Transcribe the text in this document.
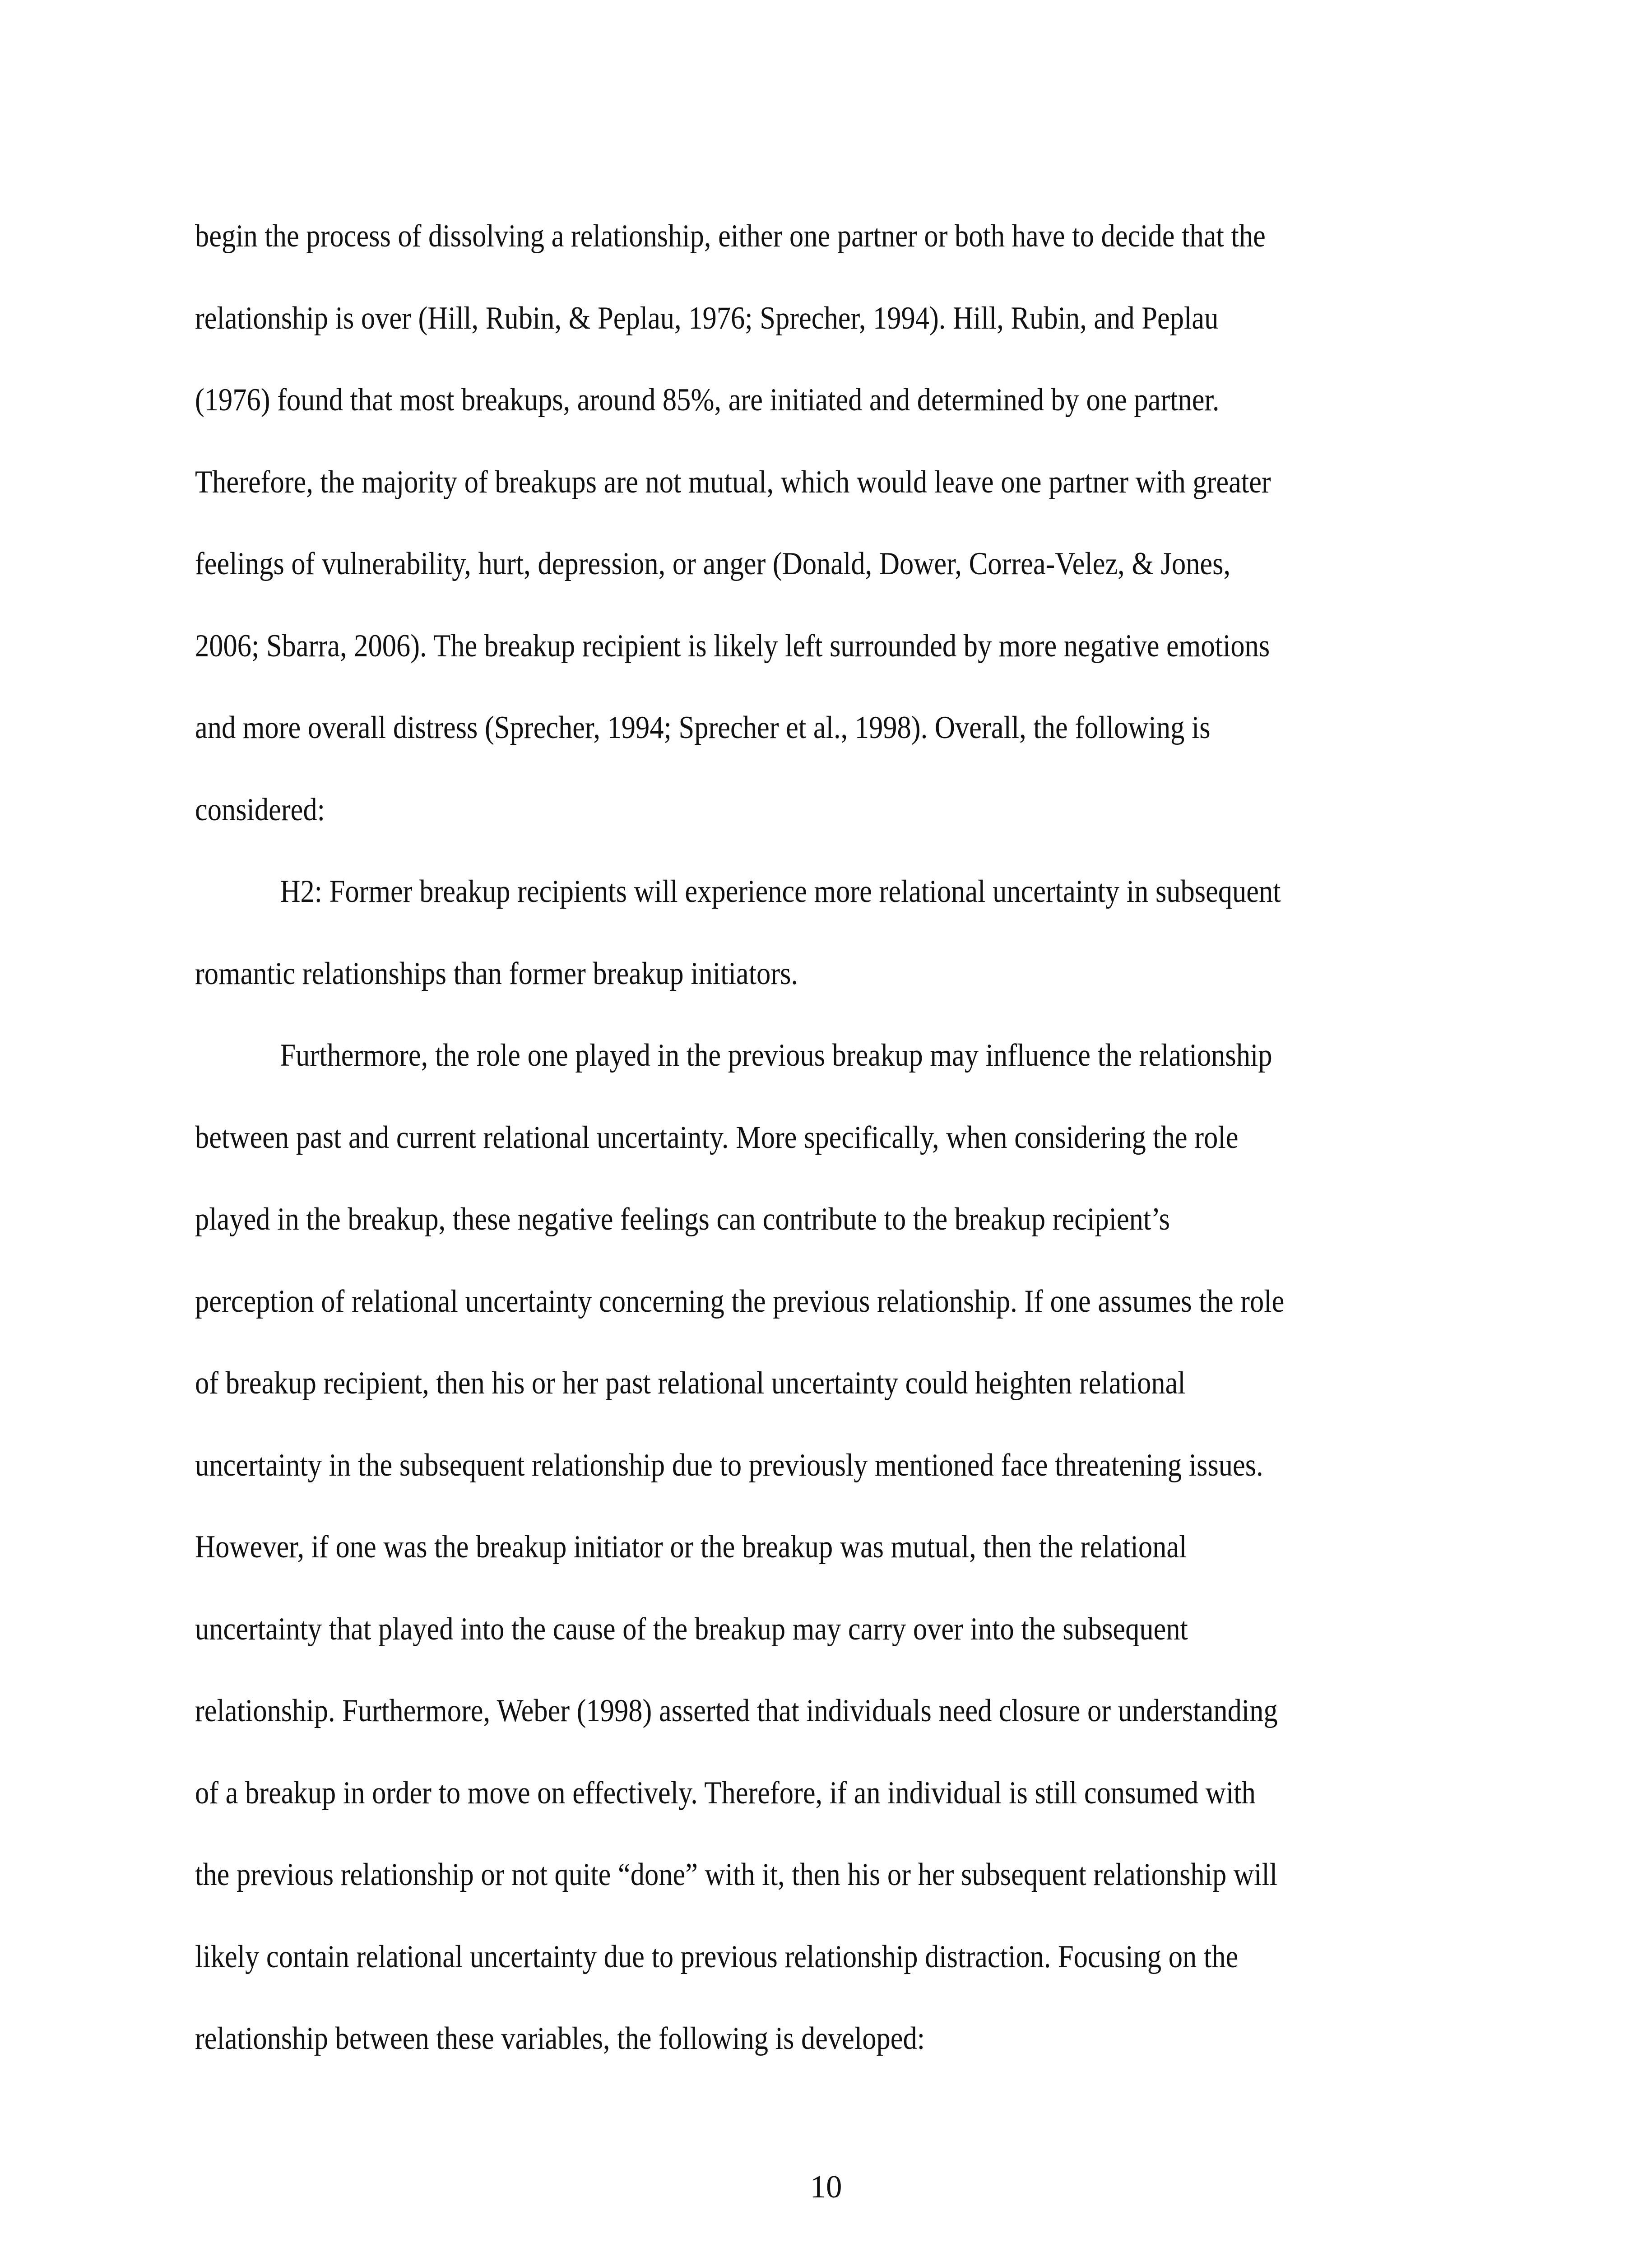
begin the process of dissolving a relationship, either one partner or both have to decide that the
relationship is over (Hill, Rubin, & Peplau, 1976; Sprecher, 1994). Hill, Rubin, and Peplau
(1976) found that most breakups, around 85%, are initiated and determined by one partner.
Therefore, the majority of breakups are not mutual, which would leave one partner with greater
feelings of vulnerability, hurt, depression, or anger (Donald, Dower, Correa-Velez, & Jones,
2006; Sbarra, 2006). The breakup recipient is likely left surrounded by more negative emotions
and more overall distress (Sprecher, 1994; Sprecher et al., 1998). Overall, the following is
considered:
H2: Former breakup recipients will experience more relational uncertainty in subsequent
romantic relationships than former breakup initiators.
Furthermore, the role one played in the previous breakup may influence the relationship
between past and current relational uncertainty. More specifically, when considering the role
played in the breakup, these negative feelings can contribute to the breakup recipient’s
perception of relational uncertainty concerning the previous relationship. If one assumes the role
of breakup recipient, then his or her past relational uncertainty could heighten relational
uncertainty in the subsequent relationship due to previously mentioned face threatening issues.
However, if one was the breakup initiator or the breakup was mutual, then the relational
uncertainty that played into the cause of the breakup may carry over into the subsequent
relationship. Furthermore, Weber (1998) asserted that individuals need closure or understanding
of a breakup in order to move on effectively. Therefore, if an individual is still consumed with
the previous relationship or not quite “done” with it, then his or her subsequent relationship will
likely contain relational uncertainty due to previous relationship distraction. Focusing on the
relationship between these variables, the following is developed:
10
